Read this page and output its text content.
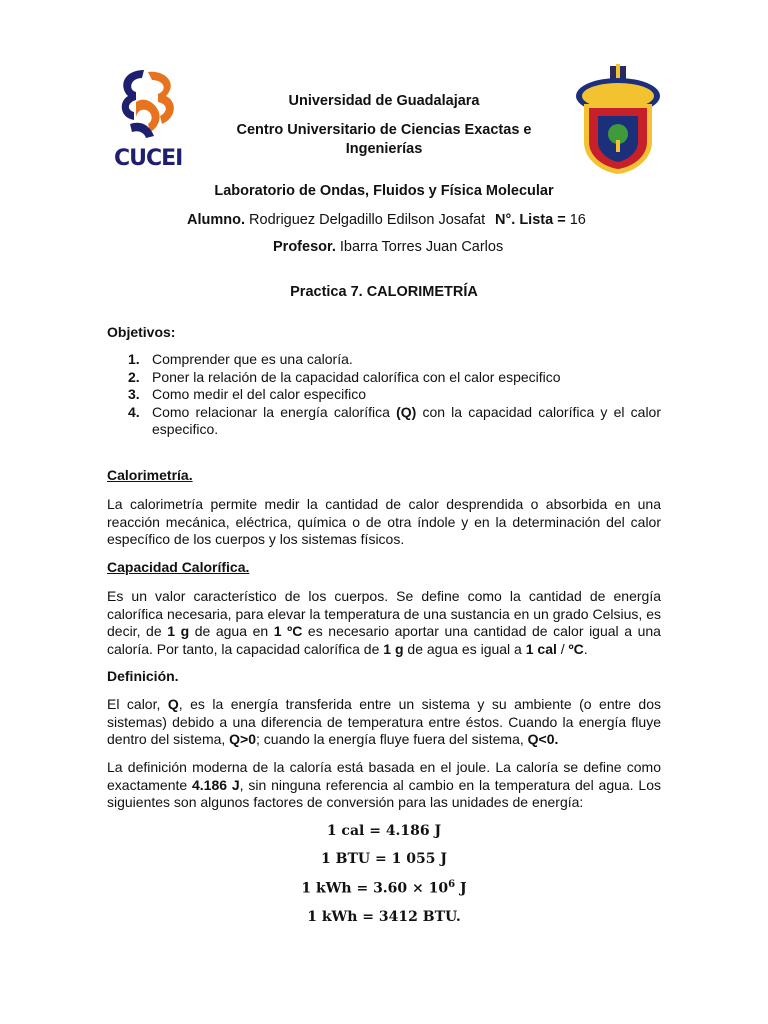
CUCEI
Universidad de Guadalajara
Centro Universitario de Ciencias Exactas e Ingenierías
Laboratorio de Ondas, Fluidos y Física Molecular
Alumno. Rodriguez Delgadillo Edilson Josafat N°. Lista = 16
Profesor. Ibarra Torres Juan Carlos
Practica 7. CALORIMETRÍA
Objetivos:
1. Comprender que es una caloría.
2. Poner la relación de la capacidad calorífica con el calor especifico
3. Como medir el del calor especifico
4. Como relacionar la energía calorífica (Q) con la capacidad calorífica y el calor especifico.
Calorimetría.

La calorimetría permite medir la cantidad de calor desprendida o absorbida en una reacción mecánica, eléctrica, química o de otra índole y en la determinación del calor específico de los cuerpos y los sistemas físicos.

Capacidad Calorífica.

Es un valor característico de los cuerpos. Se define como la cantidad de energía calorífica necesaria, para elevar la temperatura de una sustancia en un grado Celsius, es decir, de 1 g de agua en 1 ºC es necesario aportar una cantidad de calor igual a una caloría. Por tanto, la capacidad calorífica de 1 g de agua es igual a 1 cal / ºC.

Definición.

El calor, Q, es la energía transferida entre un sistema y su ambiente (o entre dos sistemas) debido a una diferencia de temperatura entre éstos. Cuando la energía fluye dentro del sistema, Q>0; cuando la energía fluye fuera del sistema, Q<0.

La definición moderna de la caloría está basada en el joule. La caloría se define como exactamente 4.186 J, sin ninguna referencia al cambio en la temperatura del agua. Los siguientes son algunos factores de conversión para las unidades de energía:

1 cal = 4.186 J
1 BTU = 1 055 J
1 kWh = $3.60 \times 10^6$ J
1 kWh = 3412 BTU.
